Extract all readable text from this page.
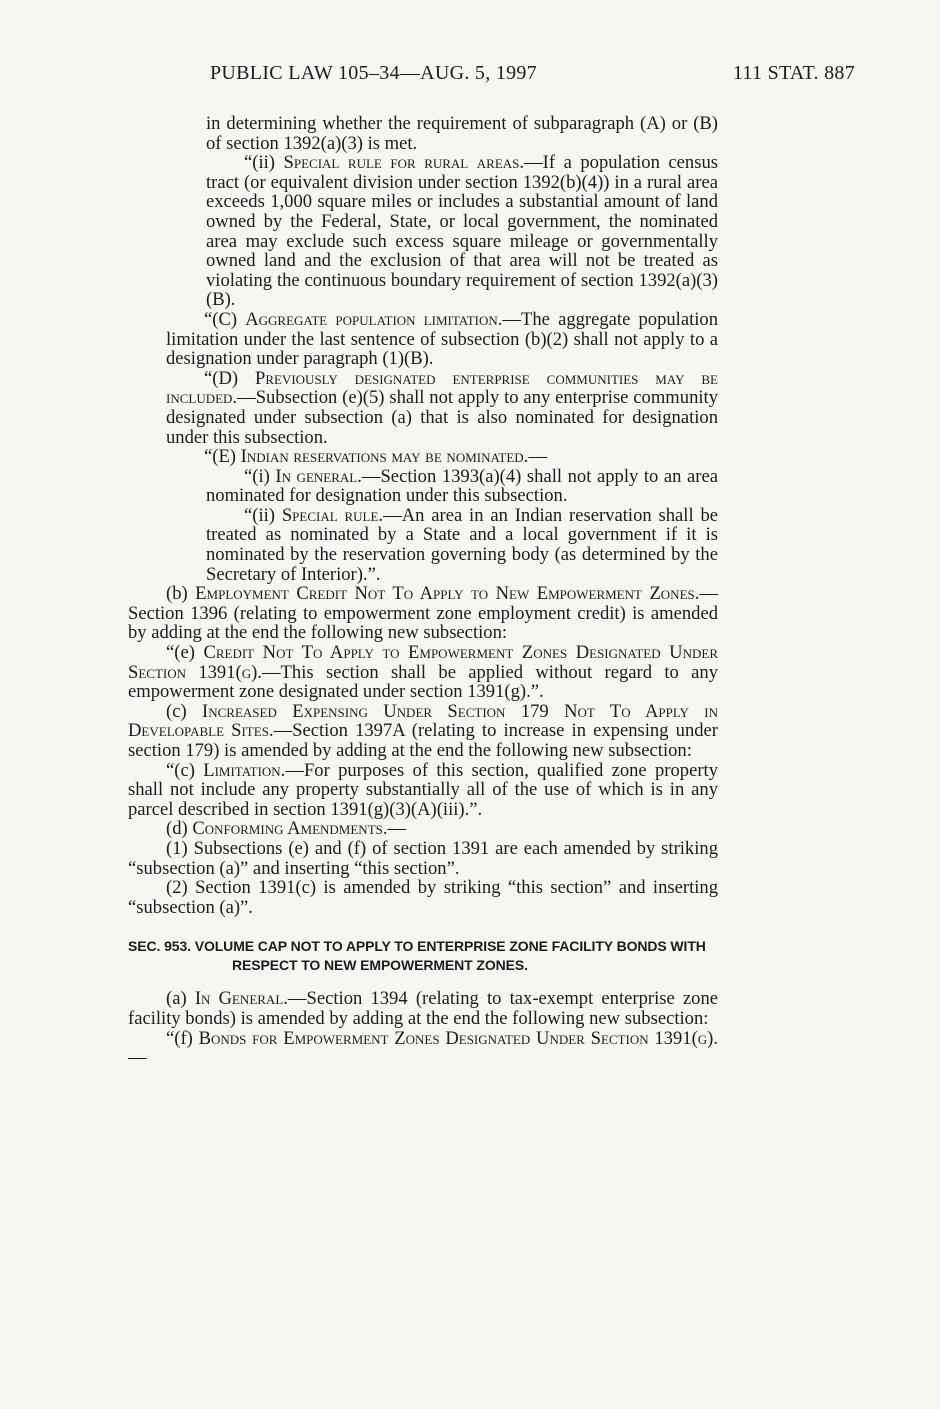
PUBLIC LAW 105–34—AUG. 5, 1997	111 STAT. 887

in determining whether the requirement of subparagraph (A) or (B) of section 1392(a)(3) is met.

“(ii) Special rule for rural areas.—If a population census tract (or equivalent division under section 1392(b)(4)) in a rural area exceeds 1,000 square miles or includes a substantial amount of land owned by the Federal, State, or local government, the nominated area may exclude such excess square mileage or governmentally owned land and the exclusion of that area will not be treated as violating the continuous boundary requirement of section 1392(a)(3)(B).

“(C) Aggregate population limitation.—The aggregate population limitation under the last sentence of subsection (b)(2) shall not apply to a designation under paragraph (1)(B).

“(D) Previously designated enterprise communities may be included.—Subsection (e)(5) shall not apply to any enterprise community designated under subsection (a) that is also nominated for designation under this subsection.

“(E) Indian reservations may be nominated.—

“(i) In general.—Section 1393(a)(4) shall not apply to an area nominated for designation under this subsection.

“(ii) Special rule.—An area in an Indian reservation shall be treated as nominated by a State and a local government if it is nominated by the reservation governing body (as determined by the Secretary of Interior).”.

(b) Employment Credit Not To Apply to New Empowerment Zones.—Section 1396 (relating to empowerment zone employment credit) is amended by adding at the end the following new subsection:

“(e) Credit Not To Apply to Empowerment Zones Designated Under Section 1391(g).—This section shall be applied without regard to any empowerment zone designated under section 1391(g).”.

(c) Increased Expensing Under Section 179 Not To Apply in Developable Sites.—Section 1397A (relating to increase in expensing under section 179) is amended by adding at the end the following new subsection:

“(c) Limitation.—For purposes of this section, qualified zone property shall not include any property substantially all of the use of which is in any parcel described in section 1391(g)(3)(A)(iii).”.

(d) Conforming Amendments.—

(1) Subsections (e) and (f) of section 1391 are each amended by striking “subsection (a)” and inserting “this section”.

(2) Section 1391(c) is amended by striking “this section” and inserting “subsection (a)”.

SEC. 953. VOLUME CAP NOT TO APPLY TO ENTERPRISE ZONE FACILITY BONDS WITH RESPECT TO NEW EMPOWERMENT ZONES.

(a) In General.—Section 1394 (relating to tax-exempt enterprise zone facility bonds) is amended by adding at the end the following new subsection:

“(f) Bonds for Empowerment Zones Designated Under Section 1391(g).—
